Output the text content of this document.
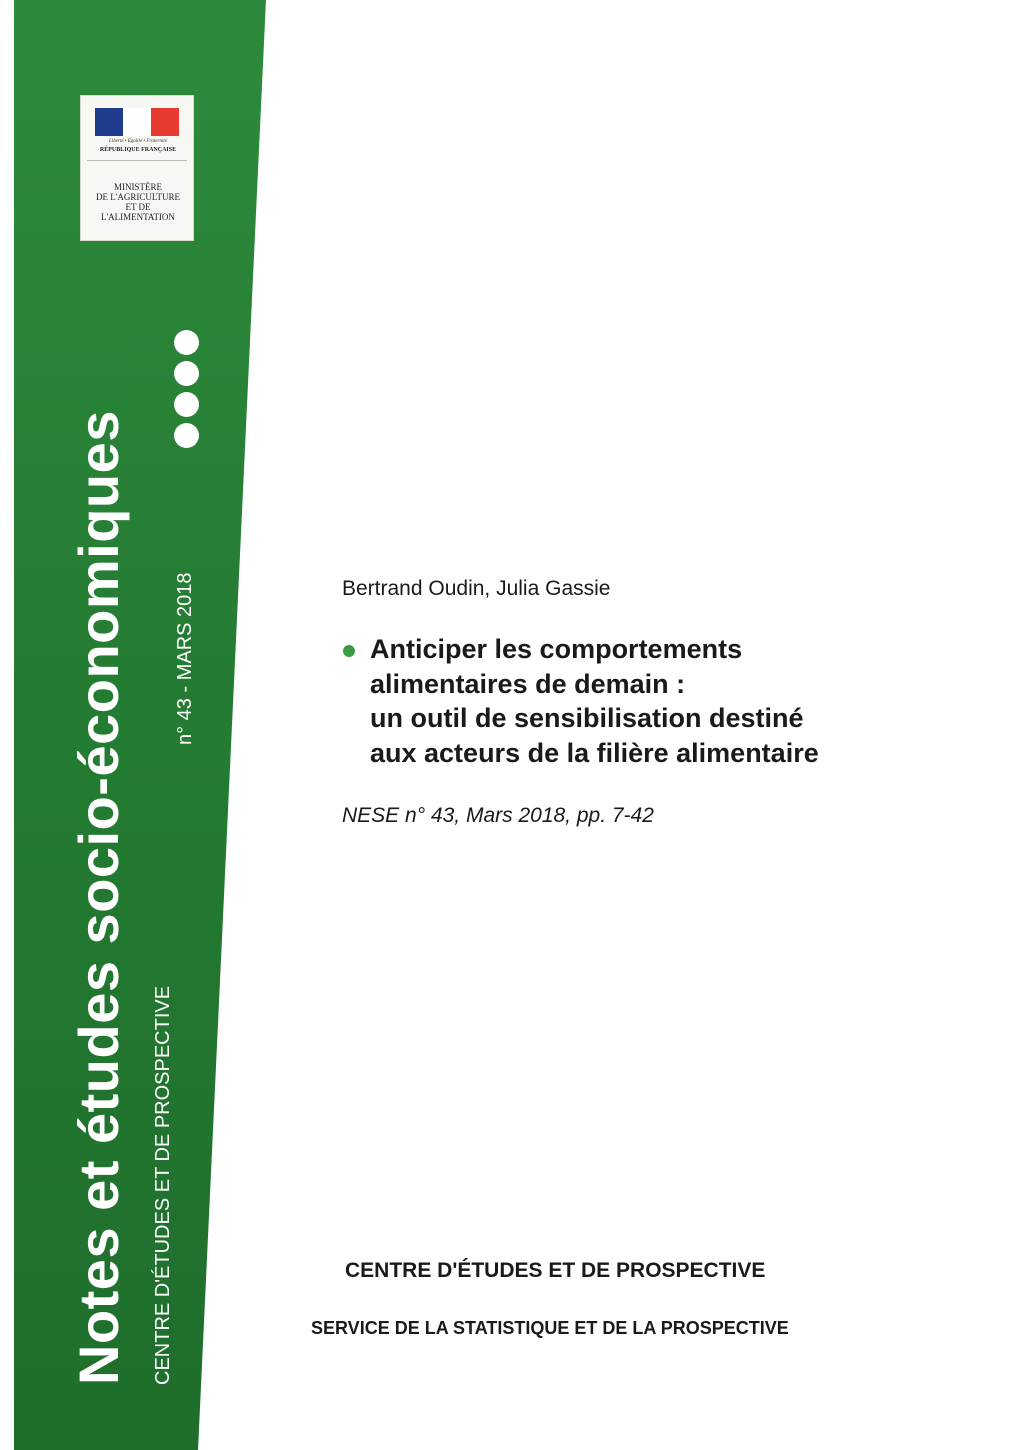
Liberté • Égalité • Fraternité
RÉPUBLIQUE FRANÇAISE
MINISTÈRE
DE L'AGRICULTURE
ET DE
L'ALIMENTATION
Notes et études socio-économiques n° 43 - MARS 2018
CENTRE D'ÉTUDES ET DE PROSPECTIVE
Bertrand Oudin, Julia Gassie
Anticiper les comportements
alimentaires de demain :
un outil de sensibilisation destiné
aux acteurs de la filière alimentaire
NESE n° 43, Mars 2018, pp. 7-42
CENTRE D'ÉTUDES ET DE PROSPECTIVE
SERVICE DE LA STATISTIQUE ET DE LA PROSPECTIVE
